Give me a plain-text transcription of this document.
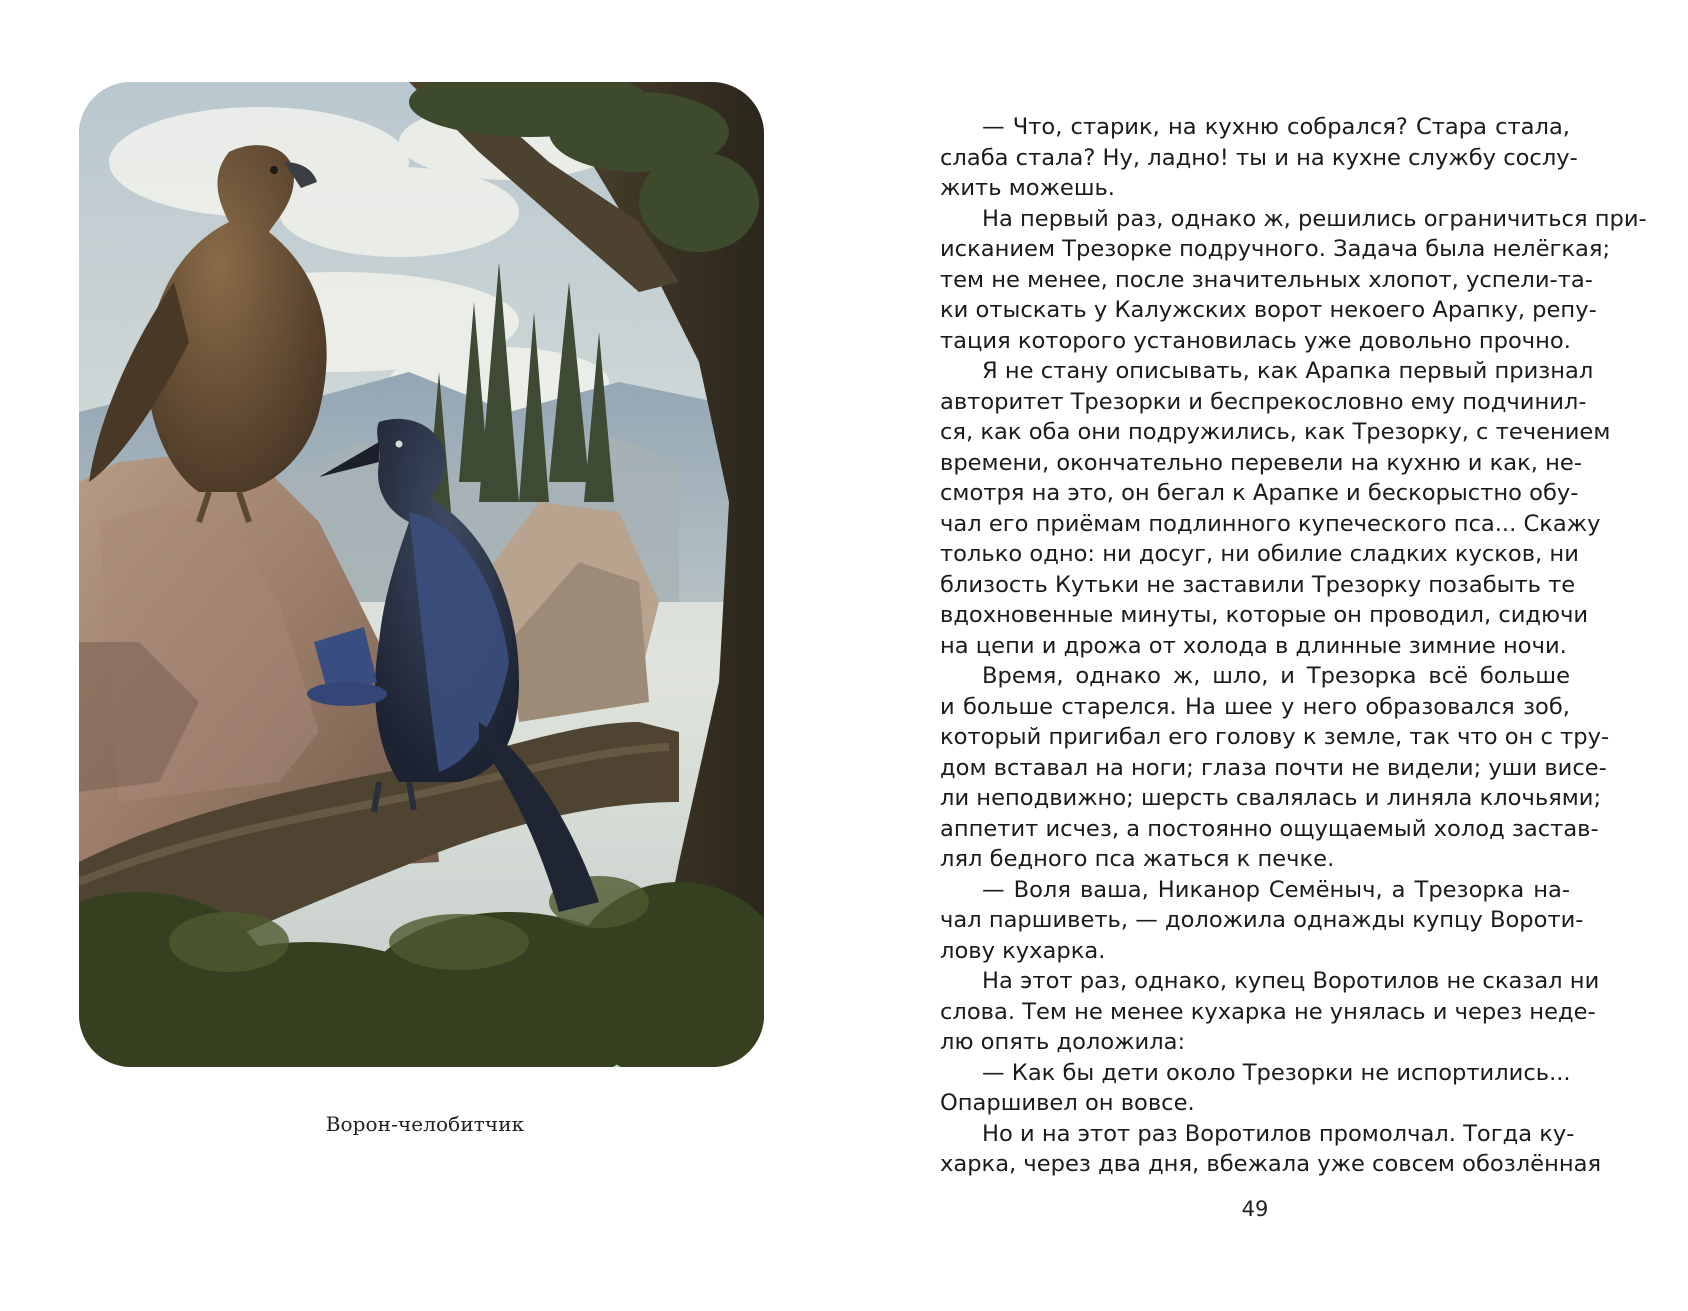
Ворон-челобитчик
— Что, старик, на кухню собрался? Стара стала,
слаба стала? Ну, ладно! ты и на кухне службу сослу-
жить можешь.
На первый раз, однако ж, решились ограничиться при-
исканием Трезорке подручного. Задача была нелёгкая;
тем не менее, после значительных хлопот, успели-та-
ки отыскать у Калужских ворот некоего Арапку, репу-
тация которого установилась уже довольно прочно.
Я не стану описывать, как Арапка первый признал
авторитет Трезорки и беспрекословно ему подчинил-
ся, как оба они подружились, как Трезорку, с течением
времени, окончательно перевели на кухню и как, не-
смотря на это, он бегал к Арапке и бескорыстно обу-
чал его приёмам подлинного купеческого пса... Скажу
только одно: ни досуг, ни обилие сладких кусков, ни
близость Кутьки не заставили Трезорку позабыть те
вдохновенные минуты, которые он проводил, сидючи
на цепи и дрожа от холода в длинные зимние ночи.
Время, однако ж, шло, и Трезорка всё больше
и больше старелся. На шее у него образовался зоб,
который пригибал его голову к земле, так что он с тру-
дом вставал на ноги; глаза почти не видели; уши висе-
ли неподвижно; шерсть свалялась и линяла клочьями;
аппетит исчез, а постоянно ощущаемый холод застав-
лял бедного пса жаться к печке.
— Воля ваша, Никанор Семёныч, а Трезорка на-
чал паршиветь, — доложила однажды купцу Вороти-
лову кухарка.
На этот раз, однако, купец Воротилов не сказал ни
слова. Тем не менее кухарка не унялась и через неде-
лю опять доложила:
— Как бы дети около Трезорки не испортились...
Опаршивел он вовсе.
Но и на этот раз Воротилов промолчал. Тогда ку-
харка, через два дня, вбежала уже совсем обозлённая
49
